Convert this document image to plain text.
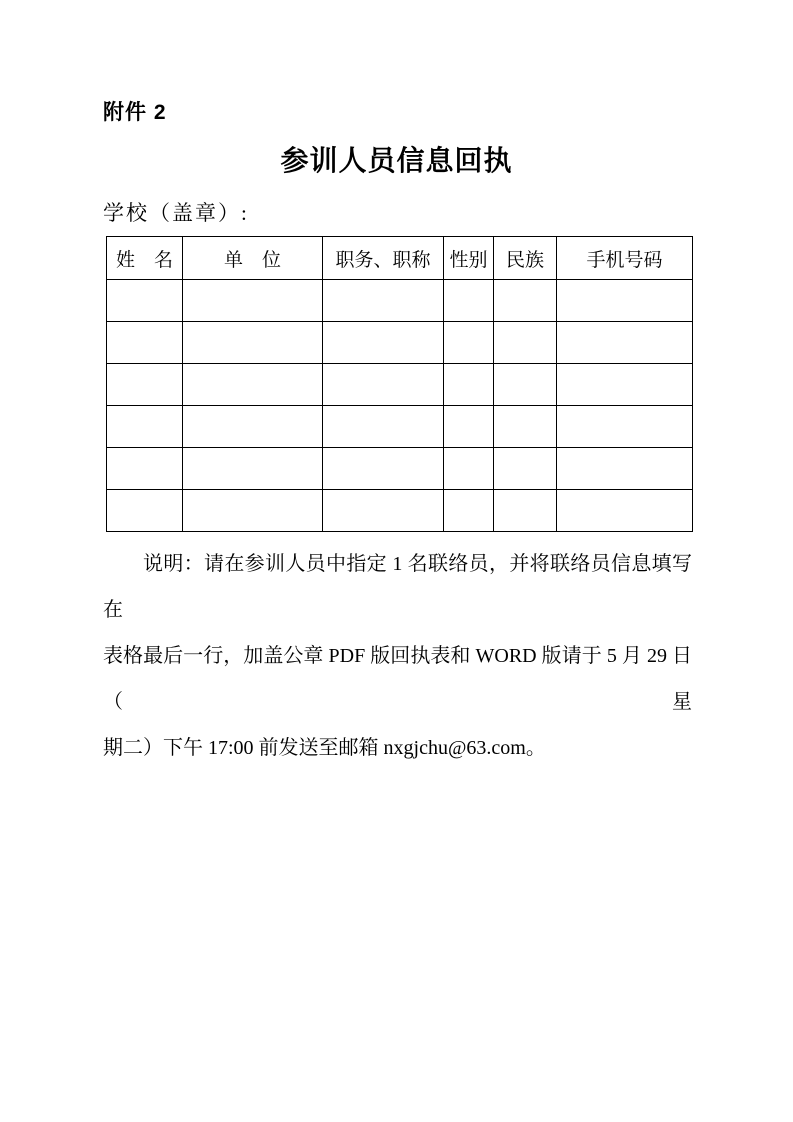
附件 2
参训人员信息回执
学校（盖章）:
姓　名	单　位	职务、职称	性别	民族	手机号码

说明：请在参训人员中指定 1 名联络员，并将联络员信息填写在
表格最后一行，加盖公章 PDF 版回执表和 WORD 版请于 5 月 29 日（星
期二）下午 17:00 前发送至邮箱 nxgjchu@63.com。
